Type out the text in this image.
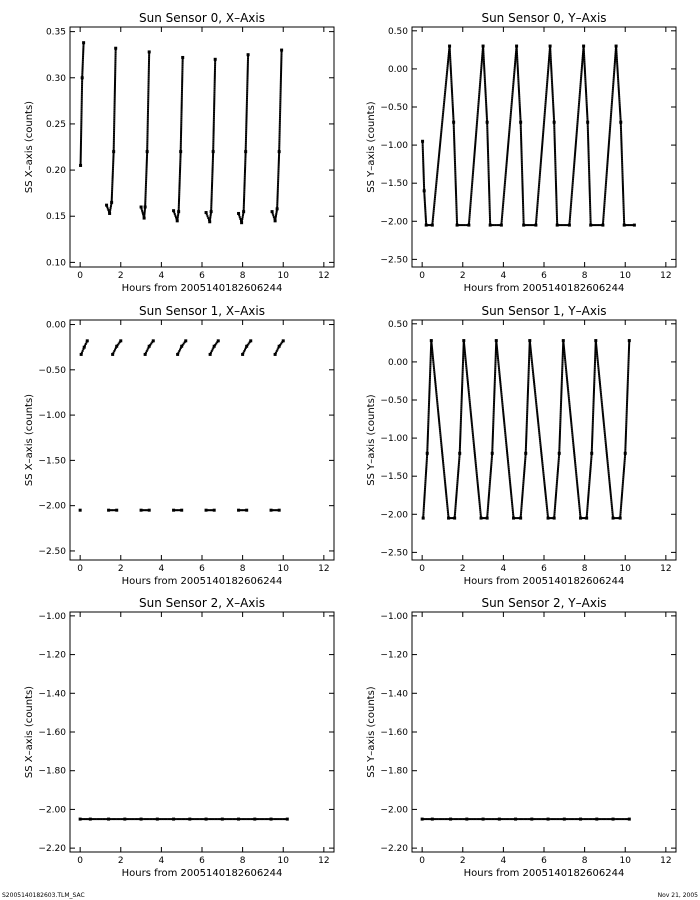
Sun Sensor 0, X–Axis
0	2	4	6	8	10	12
0.10
0.15
0.20
0.25
0.30
0.35
Hours from 2005140182606244
SS X–axis (counts)
Sun Sensor 0, Y–Axis
0	2	4	6	8	10	12
−2.50
−2.00
−1.50
−1.00
−0.50
0.00
0.50
Hours from 2005140182606244
SS Y–axis (counts)
Sun Sensor 1, X–Axis
0	2	4	6	8	10	12
−2.50
−2.00
−1.50
−1.00
−0.50
0.00
Hours from 2005140182606244
SS X–axis (counts)
Sun Sensor 1, Y–Axis
0	2	4	6	8	10	12
−2.50
−2.00
−1.50
−1.00
−0.50
0.00
0.50
Hours from 2005140182606244
SS Y–axis (counts)
Sun Sensor 2, X–Axis
0	2	4	6	8	10	12
−2.20
−2.00
−1.80
−1.60
−1.40
−1.20
−1.00
Hours from 2005140182606244
SS X–axis (counts)
Sun Sensor 2, Y–Axis
0	2	4	6	8	10	12
−2.20
−2.00
−1.80
−1.60
−1.40
−1.20
−1.00
Hours from 2005140182606244
SS Y–axis (counts)
S2005140182603.TLM_SAC	Nov 21, 2005
